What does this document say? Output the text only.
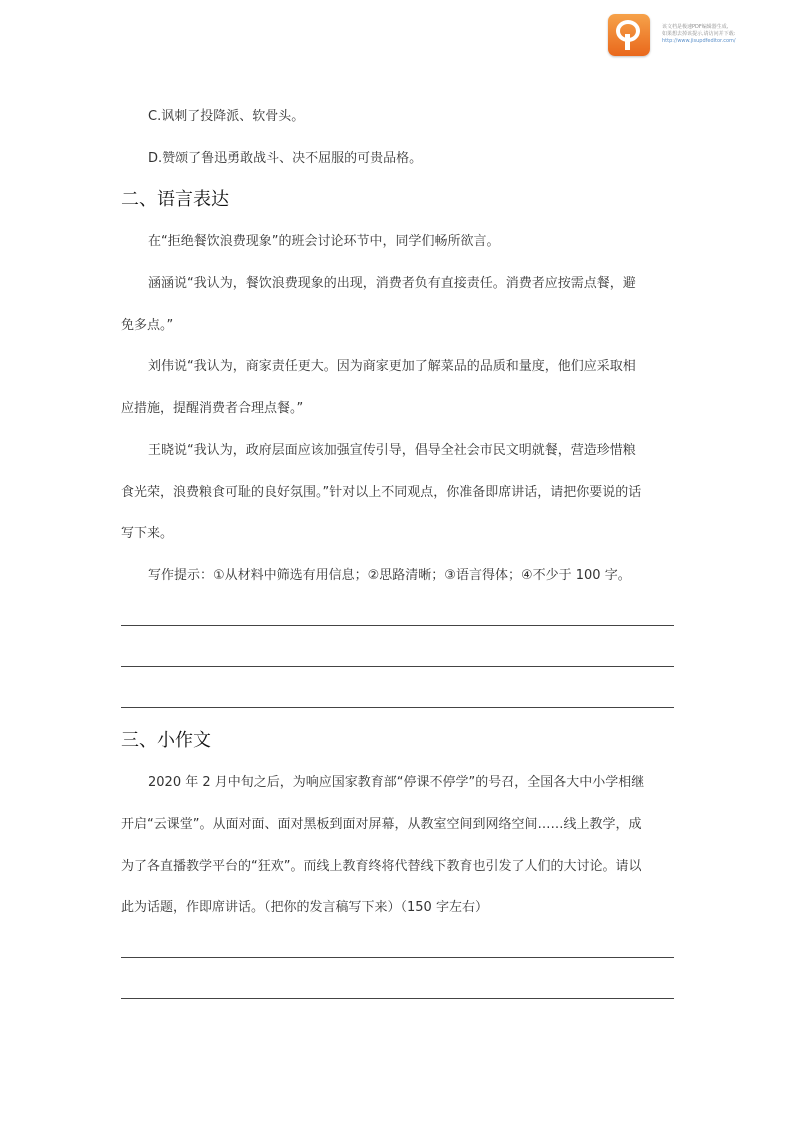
该文档是极速PDF编辑器生成,
如果想去掉该提示,请访问并下载:
http://www.jisupdfeditor.com/
C.讽刺了投降派、软骨头。
D.赞颂了鲁迅勇敢战斗、决不屈服的可贵品格。
二、语言表达
在“拒绝餐饮浪费现象”的班会讨论环节中，同学们畅所欲言。
涵涵说“我认为，餐饮浪费现象的出现，消费者负有直接责任。消费者应按需点餐，避
免多点。”
刘伟说“我认为，商家责任更大。因为商家更加了解菜品的品质和量度，他们应采取相
应措施，提醒消费者合理点餐。”
王晓说“我认为，政府层面应该加强宣传引导，倡导全社会市民文明就餐，营造珍惜粮
食光荣，浪费粮食可耻的良好氛围。”针对以上不同观点，你准备即席讲话，请把你要说的话
写下来。
写作提示：①从材料中筛选有用信息；②思路清晰；③语言得体；④不少于 100 字。
三、小作文
2020 年 2 月中旬之后，为响应国家教育部“停课不停学”的号召，全国各大中小学相继
开启“云课堂”。从面对面、面对黑板到面对屏幕，从教室空间到网络空间……线上教学，成
为了各直播教学平台的“狂欢”。而线上教育终将代替线下教育也引发了人们的大讨论。请以
此为话题，作即席讲话。（把你的发言稿写下来）（150 字左右）
